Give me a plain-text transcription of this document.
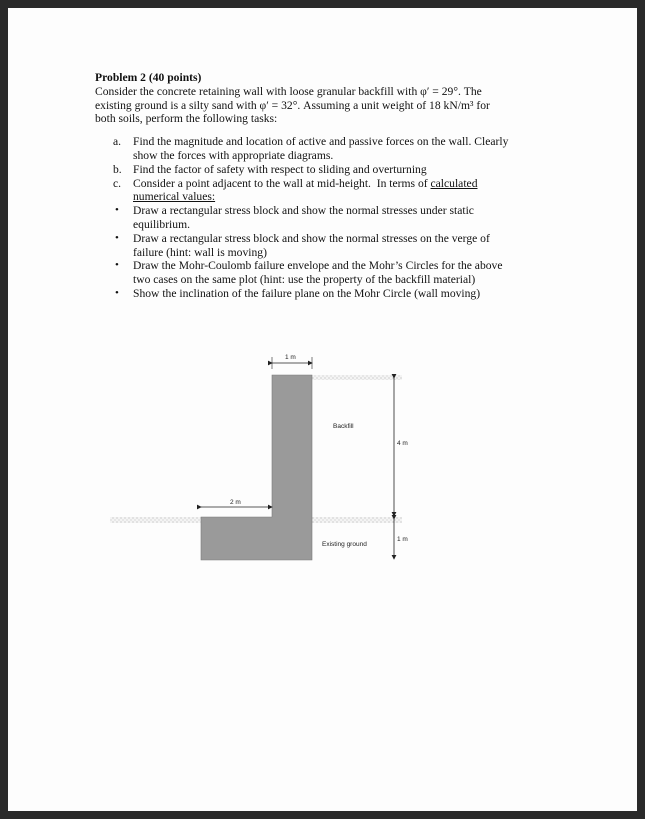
Problem 2 (40 points)
Consider the concrete retaining wall with loose granular backfill with φ′ = 29°. The
existing ground is a silty sand with φ′ = 32°. Assuming a unit weight of 18 kN/m³ for
both soils, perform the following tasks:
a.	Find the magnitude and location of active and passive forces on the wall. Clearly
show the forces with appropriate diagrams.
b. Find the factor of safety with respect to sliding and overturning
c.	Consider a point adjacent to the wall at mid-height.  In terms of calculated
numerical values:
•	Draw a rectangular stress block and show the normal stresses under static
equilibrium.
•	Draw a rectangular stress block and show the normal stresses on the verge of
failure (hint: wall is moving)
•	Draw the Mohr-Coulomb failure envelope and the Mohr’s Circles for the above
two cases on the same plot (hint: use the property of the backfill material)
•	Show the inclination of the failure plane on the Mohr Circle (wall moving)
1 m
2 m
Backfill
4 m
1 m
Existing ground
